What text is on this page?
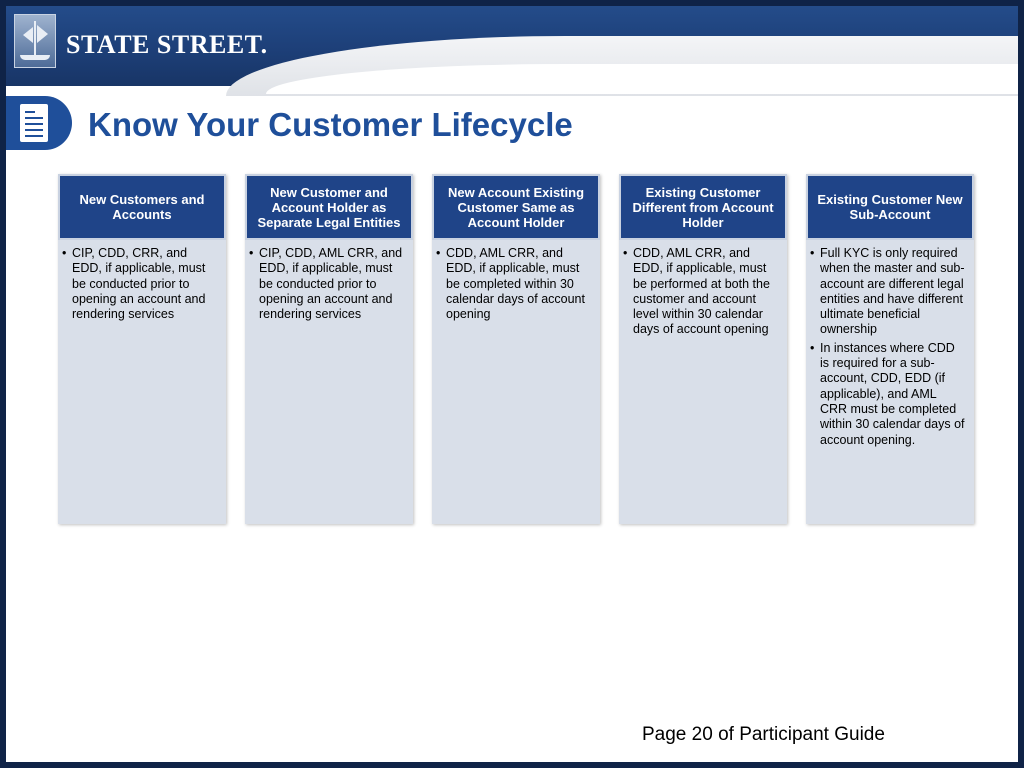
STATE STREET.
Know Your Customer Lifecycle
New Customers and Accounts
• CIP, CDD, CRR, and EDD, if applicable, must be conducted prior to opening an account and rendering services
New Customer and Account Holder as Separate Legal Entities
• CIP, CDD, AML CRR, and EDD, if applicable, must be conducted prior to opening an account and rendering services
New Account Existing Customer Same as Account Holder
• CDD, AML CRR, and EDD, if applicable, must be completed within 30 calendar days of account opening
Existing Customer Different from Account Holder
• CDD, AML CRR, and EDD, if applicable, must be performed at both the customer and account level within 30 calendar days of account opening
Existing Customer New Sub-Account
• Full KYC is only required when the master and sub-account are different legal entities and have different ultimate beneficial ownership
• In instances where CDD is required for a sub-account, CDD, EDD (if applicable), and AML CRR must be completed within 30 calendar days of account opening.
Page 20 of Participant Guide
